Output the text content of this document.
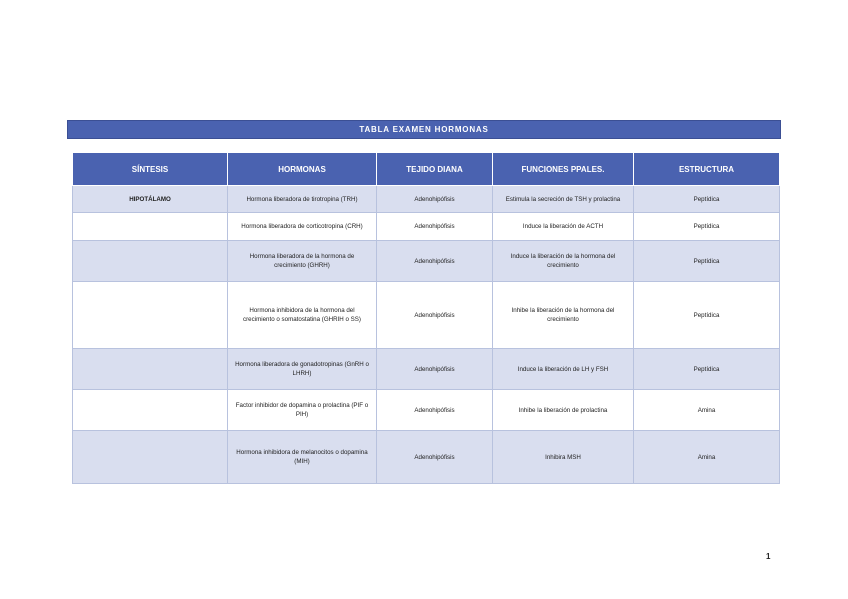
TABLA EXAMEN HORMONAS
SÍNTESIS	HORMONAS	TEJIDO DIANA	FUNCIONES PPALES.	ESTRUCTURA
HIPOTÁLAMO	Hormona liberadora de tirotropina (TRH)	Adenohipófisis	Estimula la secreción de TSH y prolactina	Peptídica
	Hormona liberadora de corticotropina (CRH)	Adenohipófisis	Induce la liberación de ACTH	Peptídica
	Hormona liberadora de la hormona de crecimiento (GHRH)	Adenohipófisis	Induce la liberación de la hormona del crecimiento	Peptídica
	Hormona inhibidora de la hormona del crecimiento o somatostatina (GHRIH o SS)	Adenohipófisis	Inhibe la liberación de la hormona del crecimiento	Peptídica
	Hormona liberadora de gonadotropinas (GnRH o LHRH)	Adenohipófisis	Induce la liberación de LH y FSH	Peptídica
	Factor inhibidor de dopamina o prolactina (PIF o PIH)	Adenohipófisis	Inhibe la liberación de prolactina	Amina
	Hormona inhibidora de melanocitos o dopamina (MIH)	Adenohipófisis	Inhibira MSH	Amina
1
